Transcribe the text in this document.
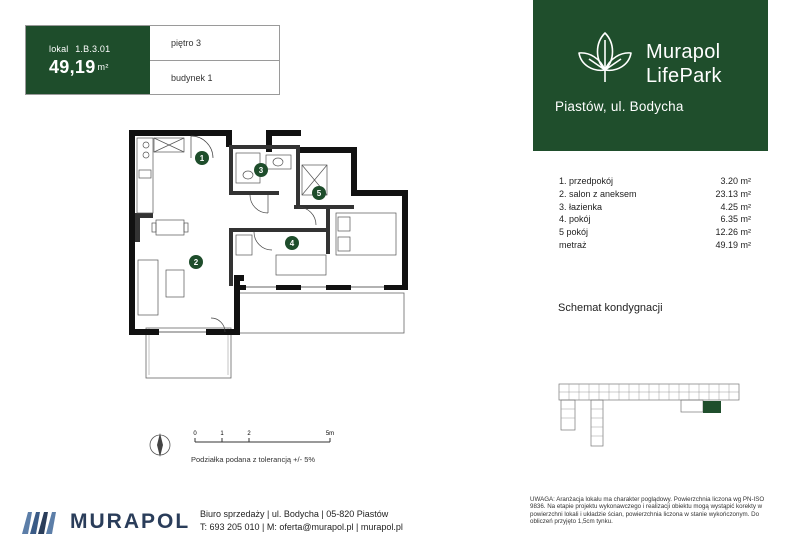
lokal 1.B.3.01
49,19 m²
piętro 3
budynek 1
Murapol
LifePark
Piastów, ul. Bodycha
1. przedpokój	3.20 m²
2. salon z aneksem	23.13 m²
3. łazienka	4.25 m²
4. pokój	6.35 m²
5 pokój	12.26 m²
metraż	49.19 m²
Schemat kondygnacji
1
2
3
4
5
0	1	2	5m
Podziałka podana z tolerancją +/- 5%
MURAPOL Biuro sprzedaży | ul. Bodycha | 05-820 Piastów
T: 693 205 010 | M: oferta@murapol.pl | murapol.pl
UWAGA: Aranżacja lokalu ma charakter poglądowy. Powierzchnia liczona wg PN-ISO 9836. Na etapie projektu wykonawczego i realizacji obiektu mogą wystąpić korekty w powierzchni lokali i układzie ścian, powierzchnia liczona w stanie wykończonym. Do obliczeń przyjęto 1,5cm tynku.
